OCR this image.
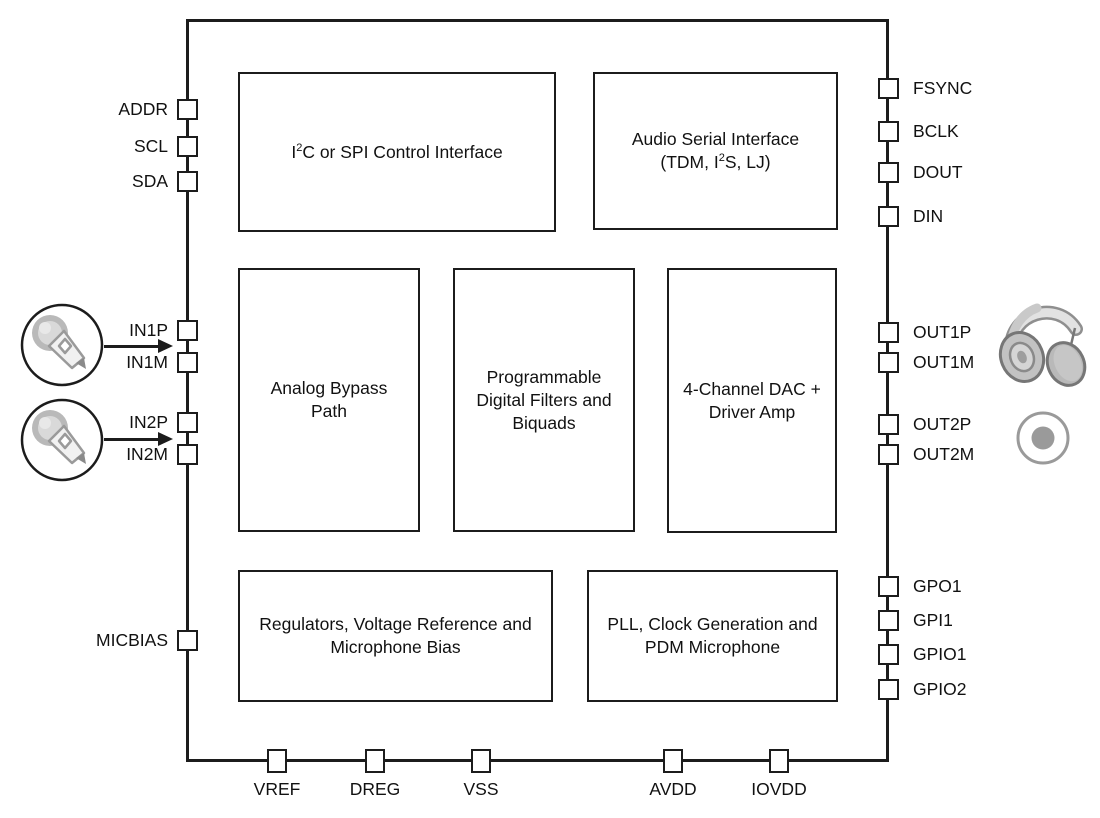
$I^2C$ or SPI Control Interface
Audio Serial Interface
(TDM, $I^2S$, LJ)
Analog Bypass
Path
Programmable
Digital Filters and
Biquads
4-Channel DAC +
Driver Amp
Regulators, Voltage Reference and
Microphone Bias
PLL, Clock Generation and
PDM Microphone
ADDR
SCL
SDA
IN1P
IN1M
IN2P
IN2M
MICBIAS
FSYNC
BCLK
DOUT
DIN
OUT1P
OUT1M
OUT2P
OUT2M
GPO1
GPI1
GPIO1
GPIO2
VREF	DREG	VSS	AVDD	IOVDD
